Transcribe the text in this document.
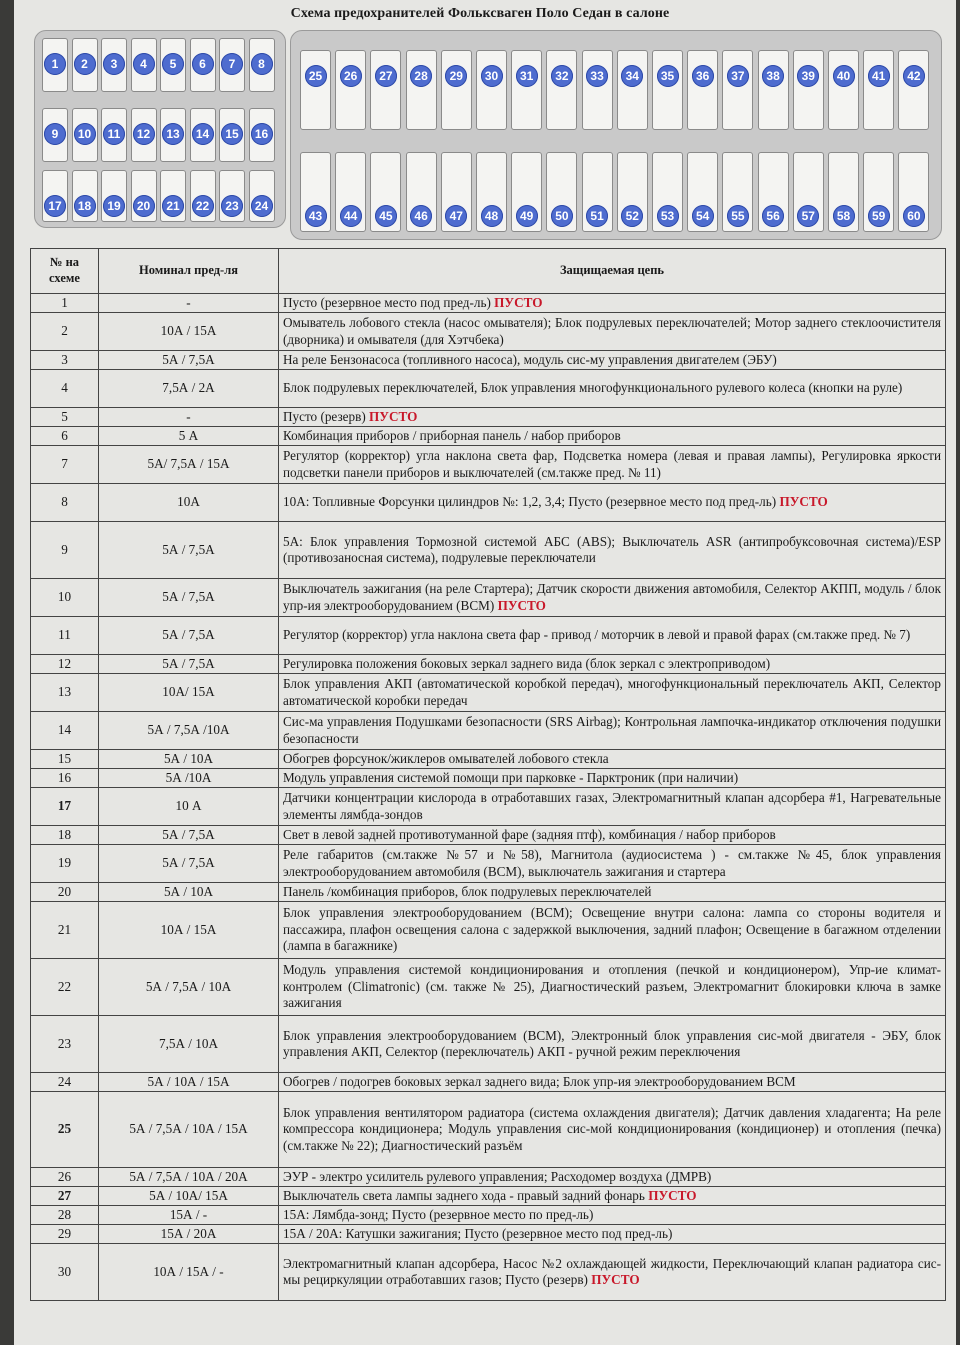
Схема предохранителей Фольксваген Поло Седан в салоне
1	2	3	4	5	6	7	8
9	10	11	12	13	14	15	16
17	18	19	20	21	22	23	24
25	26	27	28	29	30	31	32	33	34	35	36	37	38	39	40	41	42
43	44	45	46	47	48	49	50	51	52	53	54	55	56	57	58	59	60
№ на схеме	Номинал пред-ля	Защищаемая цепь
1	-	Пусто (резервное место под пред-ль) ПУСТО
2	10А / 15А	Омыватель лобового стекла (насос омывателя); Блок подрулевых переключателей; Мотор заднего стеклоочистителя (дворника) и омывателя (для Хэтчбека)
3	5А / 7,5А	На реле Бензонасоса (топливного насоса), модуль сис-му управления двигателем (ЭБУ)
4	7,5А / 2А	Блок подрулевых переключателей, Блок управления многофункционального рулевого колеса (кнопки на руле)
5	-	Пусто (резерв) ПУСТО
6	5 А	Комбинация приборов / приборная панель / набор приборов
7	5А/ 7,5А / 15А	Регулятор (корректор) угла наклона света фар, Подсветка номера (левая и правая лампы), Регулировка яркости подсветки панели приборов и выключателей (см.также пред. № 11)
8	10А	10А: Топливные Форсунки цилиндров №: 1,2, 3,4; Пусто (резервное место под пред-ль) ПУСТО
9	5А / 7,5А	5А: Блок управления Тормозной системой АБС (ABS); Выключатель ASR (антипробуксовочная система)/ESP (противозаносная система), подрулевые переключатели
10	5А / 7,5А	Выключатель зажигания (на реле Стартера); Датчик скорости движения автомобиля, Селектор АКПП, модуль / блок упр-ия электрооборудованием (BCM) ПУСТО
11	5А / 7,5А	Регулятор (корректор) угла наклона света фар - привод / моторчик в левой и правой фарах (см.также пред. № 7)
12	5А / 7,5А	Регулировка положения боковых зеркал заднего вида (блок зеркал с электроприводом)
13	10А/ 15А	Блок управления АКП (автоматической коробкой передач), многофункциональный переключатель АКП, Селектор автоматической коробки передач
14	5А / 7,5А /10А	Сис-ма управления Подушками безопасности (SRS Airbag); Контрольная лампочка-индикатор отключения подушки безопасности
15	5А / 10А	Обогрев форсунок/жиклеров омывателей лобового стекла
16	5А /10А	Модуль управления системой помощи при парковке - Парктроник (при наличии)
17	10 А	Датчики концентрации кислорода в отработавших газах, Электромагнитный клапан адсорбера #1, Нагревательные элементы лямбда-зондов
18	5А / 7,5А	Свет в левой задней противотуманной фаре (задняя птф), комбинация / набор приборов
19	5А / 7,5А	Реле габаритов (см.также №57 и №58), Магнитола (аудиосистема ) - см.также №45, блок управления электрооборудованием автомобиля (BCM), выключатель зажигания и стартера
20	5А / 10А	Панель /комбинация приборов, блок подрулевых переключателей
21	10А / 15А	Блок управления электрооборудованием (BCM); Освещение внутри салона: лампа со стороны водителя и пассажира, плафон освещения салона с задержкой выключения, задний плафон; Освещение в багажном отделении (лампа в багажнике)
22	5А / 7,5А / 10А	Модуль управления системой кондиционирования и отопления (печкой и кондиционером), Упр-ие климат-контролем (Climatronic) (см. также № 25), Диагностический разъем, Электромагнит блокировки ключа в замке зажигания
23	7,5А / 10А	Блок управления электрооборудованием (BCM), Электронный блок управления сис-мой двигателя - ЭБУ, блок управления АКП, Селектор (переключатель) АКП - ручной режим переключения
24	5А / 10А / 15А	Обогрев / подогрев боковых зеркал заднего вида; Блок упр-ия электрооборудованием BCM
25	5А / 7,5А / 10А / 15А	Блок управления вентилятором радиатора (система охлаждения двигателя); Датчик давления хладагента; На реле компрессора кондиционера; Модуль управления сис-мой кондиционирования (кондиционер) и отопления (печка) (см.также № 22); Диагностический разъём
26	5А / 7,5А / 10А / 20А	ЭУР - электро усилитель рулевого управления; Расходомер воздуха (ДМРВ)
27	5А / 10А/ 15А	Выключатель света лампы заднего хода - правый задний фонарь ПУСТО
28	15А / -	15А: Лямбда-зонд; Пусто (резервное место по пред-ль)
29	15А / 20А	15А / 20А: Катушки зажигания; Пусто (резервное место под пред-ль)
30	10А / 15А / -	Электромагнитный клапан адсорбера, Насос №2 охлаждающей жидкости, Переключающий клапан радиатора сис-мы рециркуляции отработавших газов; Пусто (резерв) ПУСТО
